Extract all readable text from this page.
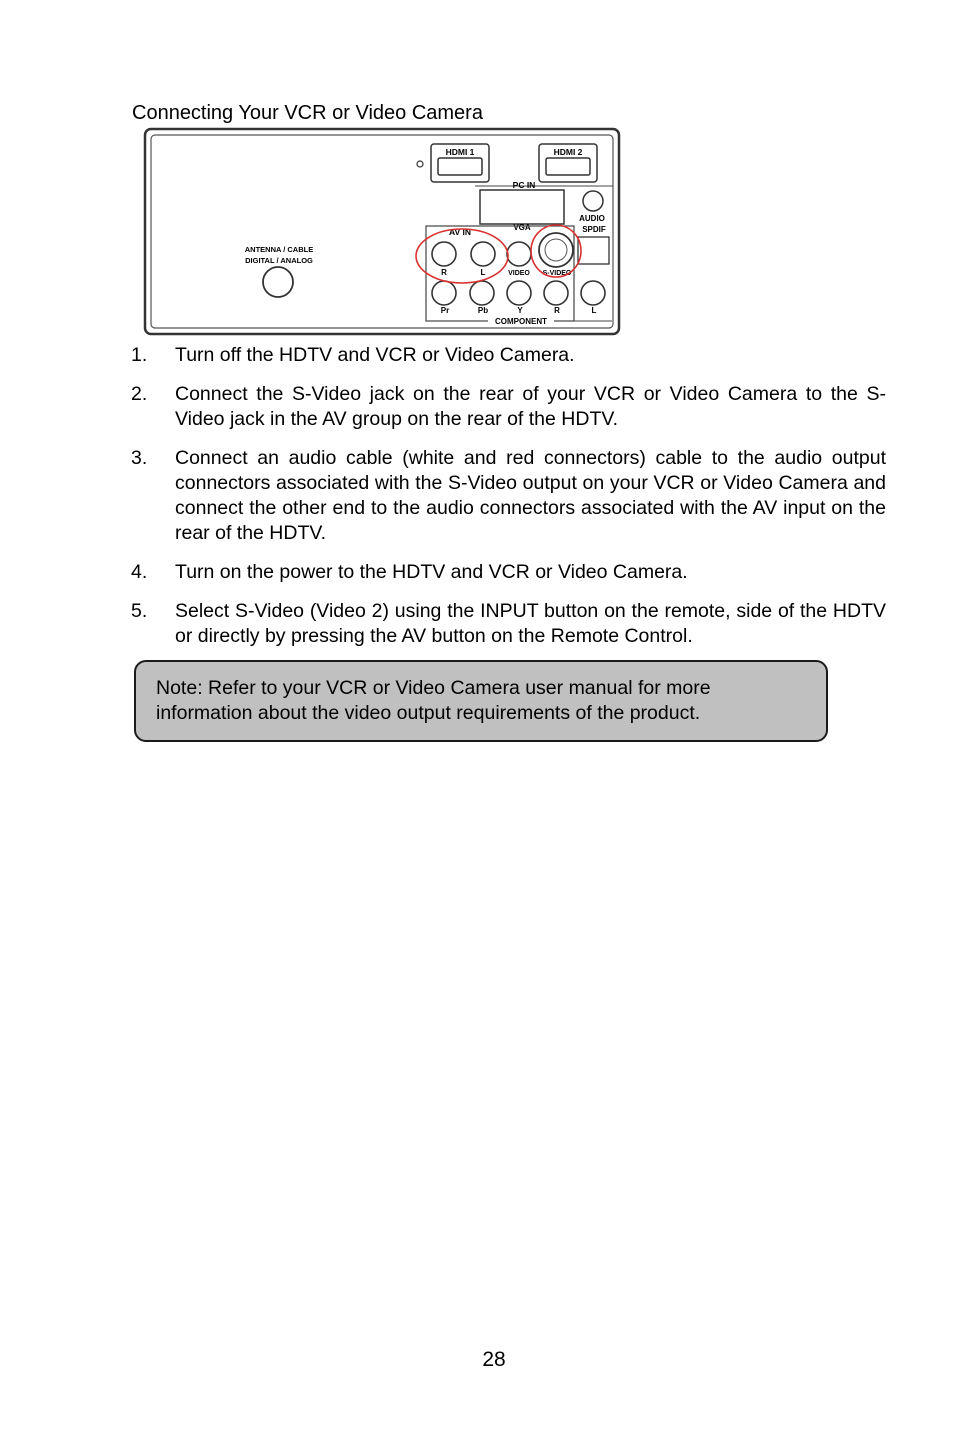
Connecting Your VCR or Video Camera
HDMI 1	HDMI 2
PC IN
VGA
AUDIO
SPDIF
AV IN
R	L	VIDEO S-VIDEO
Pr	Pb	Y	R	L
COMPONENT
ANTENNA / CABLE
DIGITAL / ANALOG
1. Turn off the HDTV and VCR or Video Camera.
2. Connect the S-Video jack on the rear of your VCR or Video Camera to the S-Video jack in the AV group on the rear of the HDTV.
3. Connect an audio cable (white and red connectors) cable to the audio output connectors associated with the S-Video output on your VCR or Video Camera and connect the other end to the audio connectors associated with the AV input on the rear of the HDTV.
4. Turn on the power to the HDTV and VCR or Video Camera.
5. Select S-Video (Video 2) using the INPUT button on the remote, side of the HDTV or directly by pressing the AV button on the Remote Control.
Note: Refer to your VCR or Video Camera user manual for more information about the video output requirements of the product.
28
